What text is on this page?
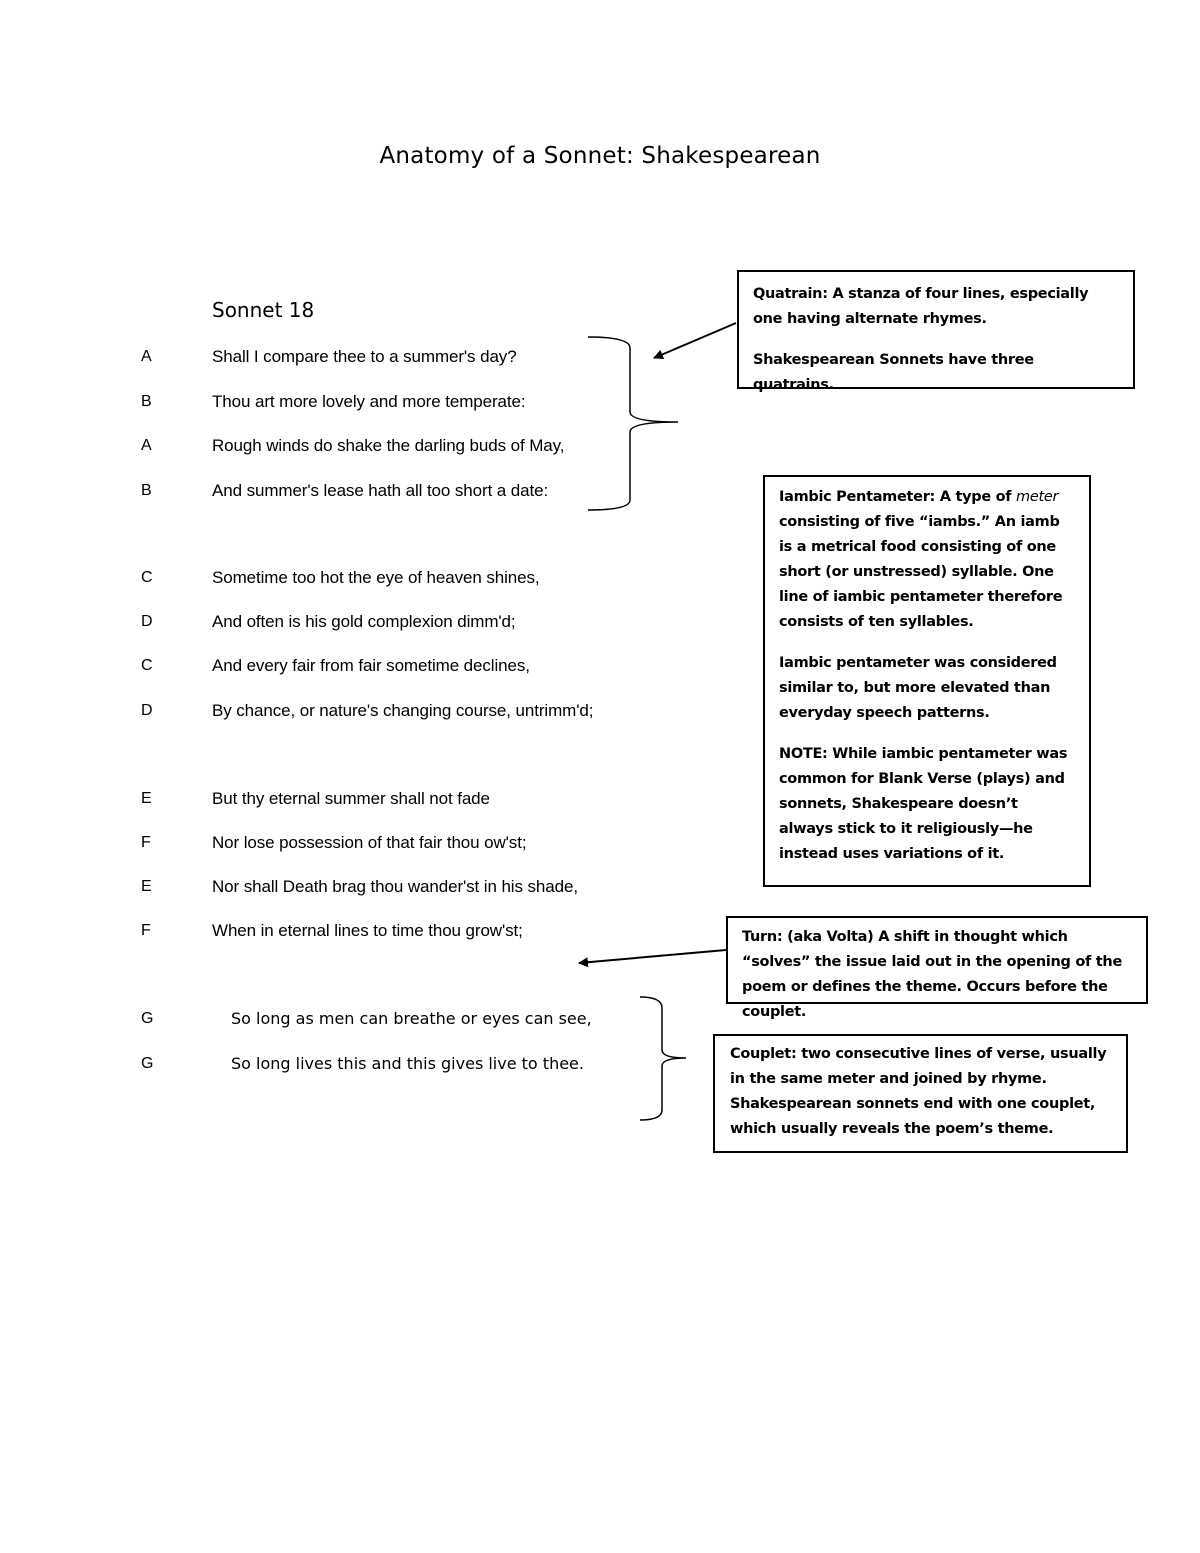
Anatomy of a Sonnet: Shakespearean
Sonnet 18
A	Shall I compare thee to a summer's day?
B	Thou art more lovely and more temperate:
A	Rough winds do shake the darling buds of May,
B	And summer's lease hath all too short a date:
C	Sometime too hot the eye of heaven shines,
D	And often is his gold complexion dimm'd;
C	And every fair from fair sometime declines,
D	By chance, or nature's changing course, untrimm'd;
E	But thy eternal summer shall not fade
F	Nor lose possession of that fair thou ow'st;
E	Nor shall Death brag thou wander'st in his shade,
F	When in eternal lines to time thou grow'st;
G	So long as men can breathe or eyes can see,
G	So long lives this and this gives live to thee.

Quatrain: A stanza of four lines, especially one having alternate rhymes.

Shakespearean Sonnets have three quatrains.

Iambic Pentameter: A type of meter consisting of five “iambs.” An iamb is a metrical food consisting of one short (or unstressed) syllable. One line of iambic pentameter therefore consists of ten syllables.

Iambic pentameter was considered similar to, but more elevated than everyday speech patterns.

NOTE: While iambic pentameter was common for Blank Verse (plays) and sonnets, Shakespeare doesn’t always stick to it religiously—he instead uses variations of it.

Turn: (aka Volta) A shift in thought which “solves” the issue laid out in the opening of the poem or defines the theme. Occurs before the couplet.

Couplet: two consecutive lines of verse, usually in the same meter and joined by rhyme. Shakespearean sonnets end with one couplet, which usually reveals the poem’s theme.
